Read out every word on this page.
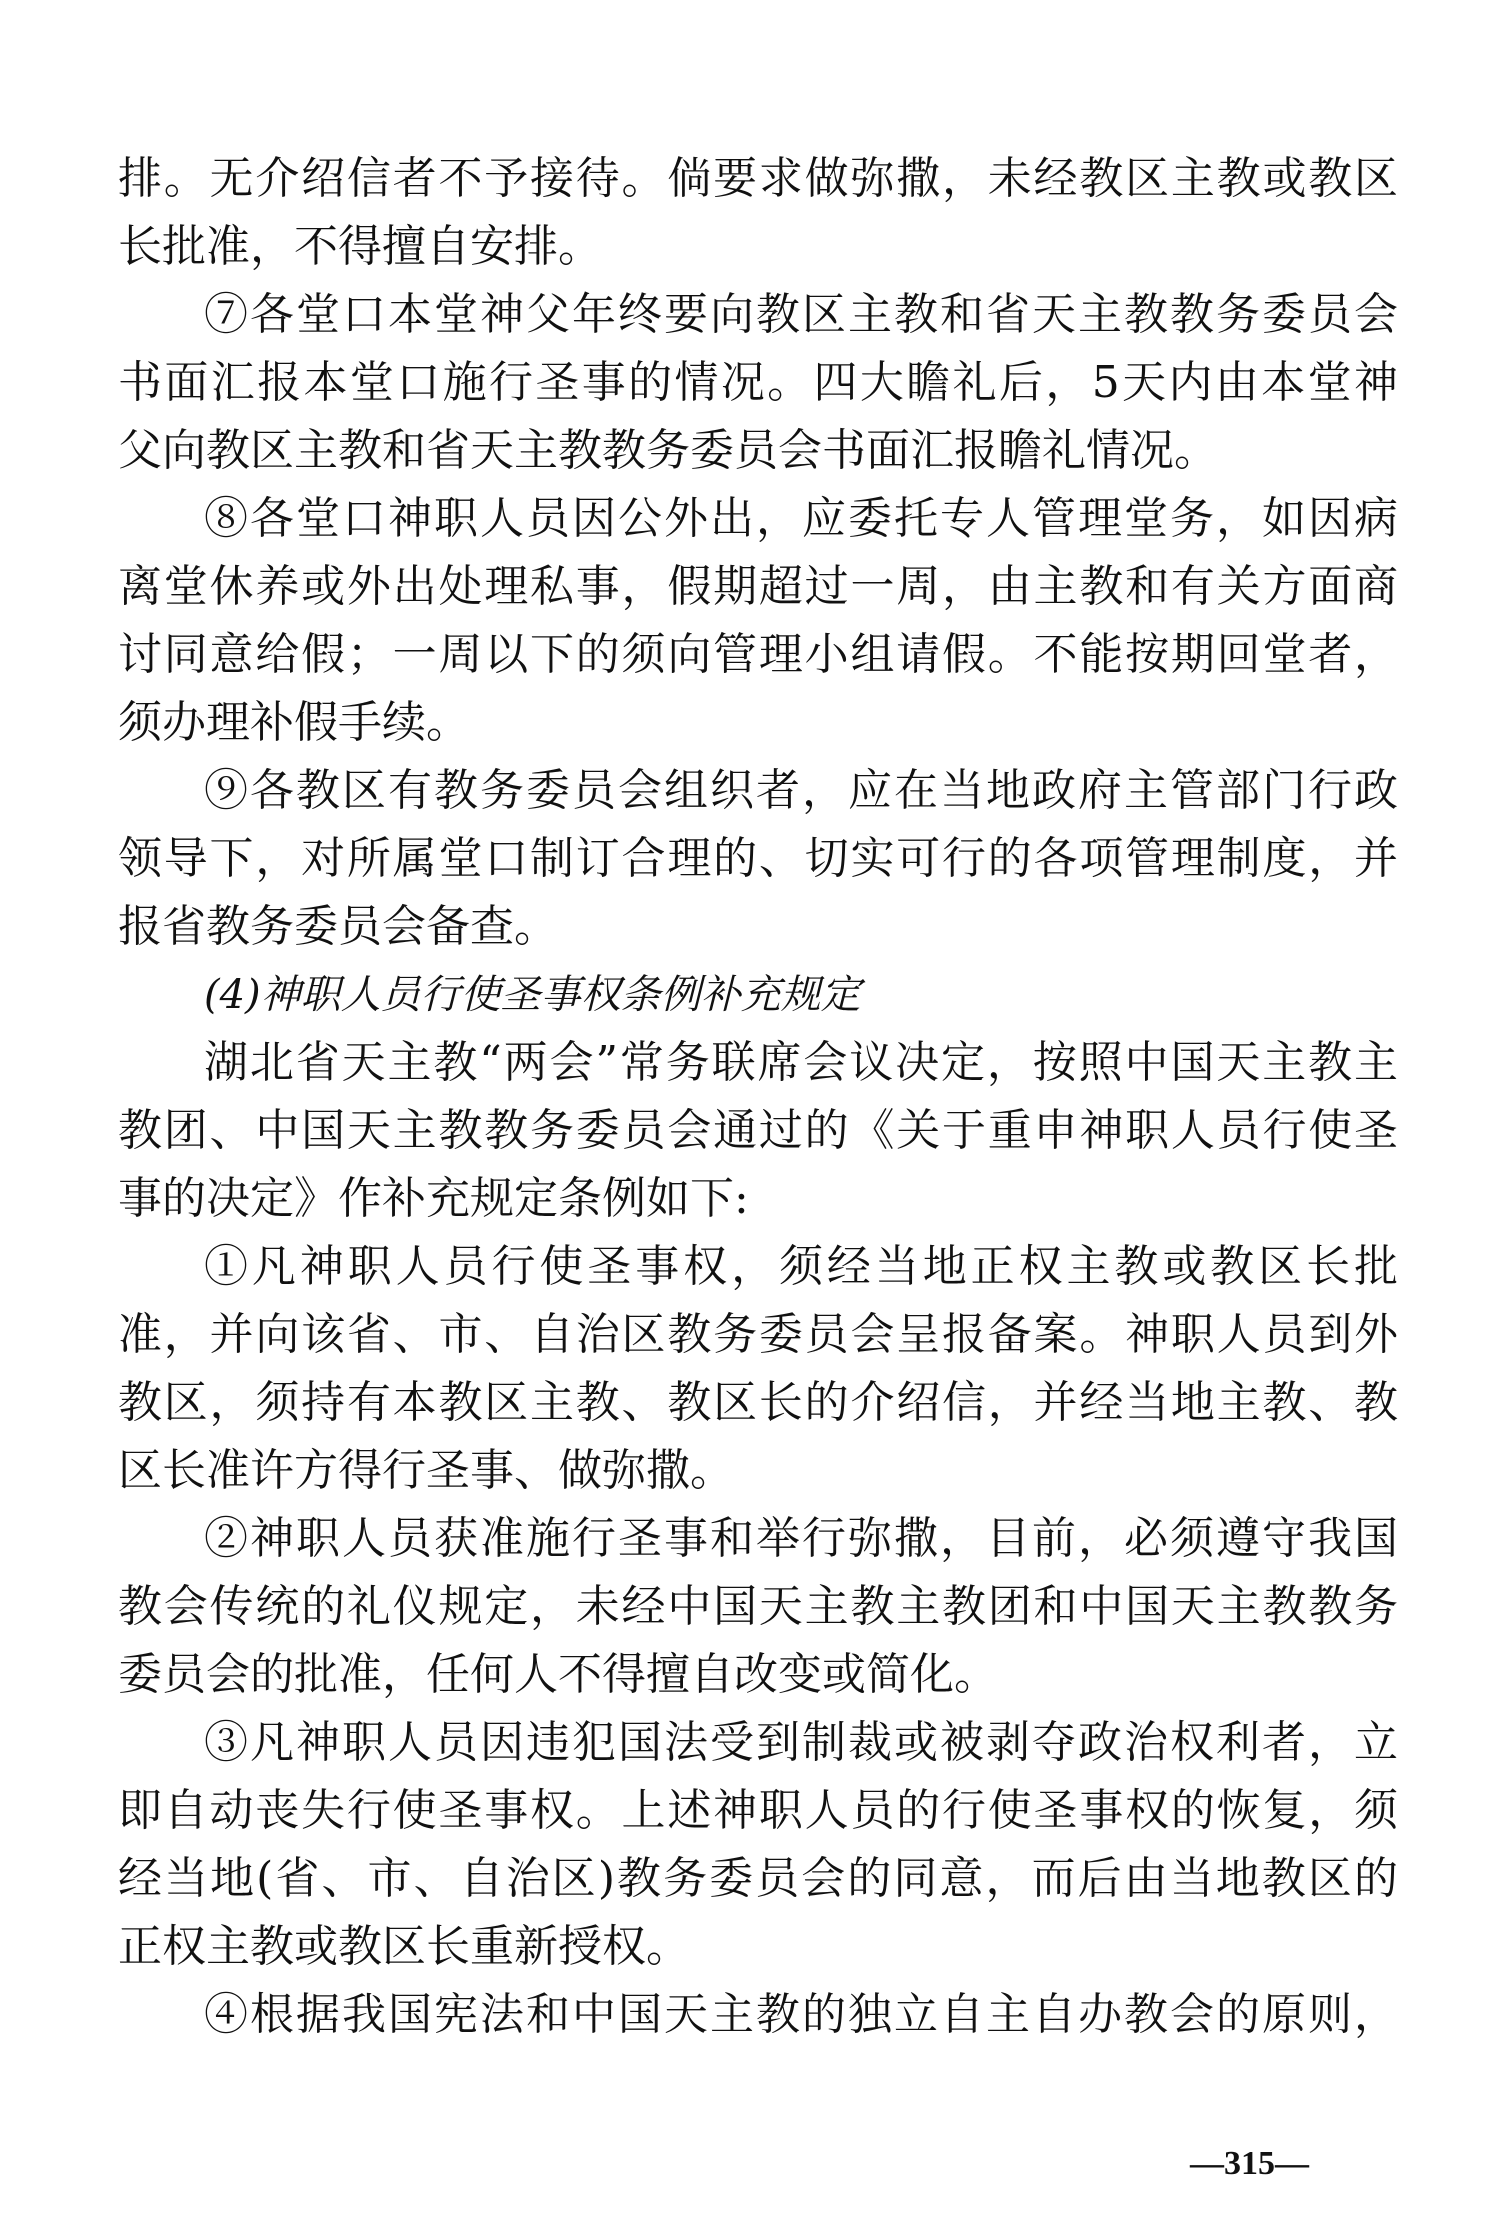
排。无介绍信者不予接待。倘要求做弥撒，未经教区主教或教区
长批准，不得擅自安排。
⑦各堂口本堂神父年终要向教区主教和省天主教教务委员会
书面汇报本堂口施行圣事的情况。四大瞻礼后，5天内由本堂神
父向教区主教和省天主教教务委员会书面汇报瞻礼情况。
⑧各堂口神职人员因公外出，应委托专人管理堂务，如因病
离堂休养或外出处理私事，假期超过一周，由主教和有关方面商
讨同意给假；一周以下的须向管理小组请假。不能按期回堂者，
须办理补假手续。
⑨各教区有教务委员会组织者，应在当地政府主管部门行政
领导下，对所属堂口制订合理的、切实可行的各项管理制度，并
报省教务委员会备查。
(4)神职人员行使圣事权条例补充规定
湖北省天主教“两会”常务联席会议决定，按照中国天主教主
教团、中国天主教教务委员会通过的《关于重申神职人员行使圣
事的决定》作补充规定条例如下:
①凡神职人员行使圣事权，须经当地正权主教或教区长批
准，并向该省、市、自治区教务委员会呈报备案。神职人员到外
教区，须持有本教区主教、教区长的介绍信，并经当地主教、教
区长准许方得行圣事、做弥撒。
②神职人员获准施行圣事和举行弥撒，目前，必须遵守我国
教会传统的礼仪规定，未经中国天主教主教团和中国天主教教务
委员会的批准，任何人不得擅自改变或简化。
③凡神职人员因违犯国法受到制裁或被剥夺政治权利者，立
即自动丧失行使圣事权。上述神职人员的行使圣事权的恢复，须
经当地(省、市、自治区)教务委员会的同意，而后由当地教区的
正权主教或教区长重新授权。
④根据我国宪法和中国天主教的独立自主自办教会的原则，
—315—
